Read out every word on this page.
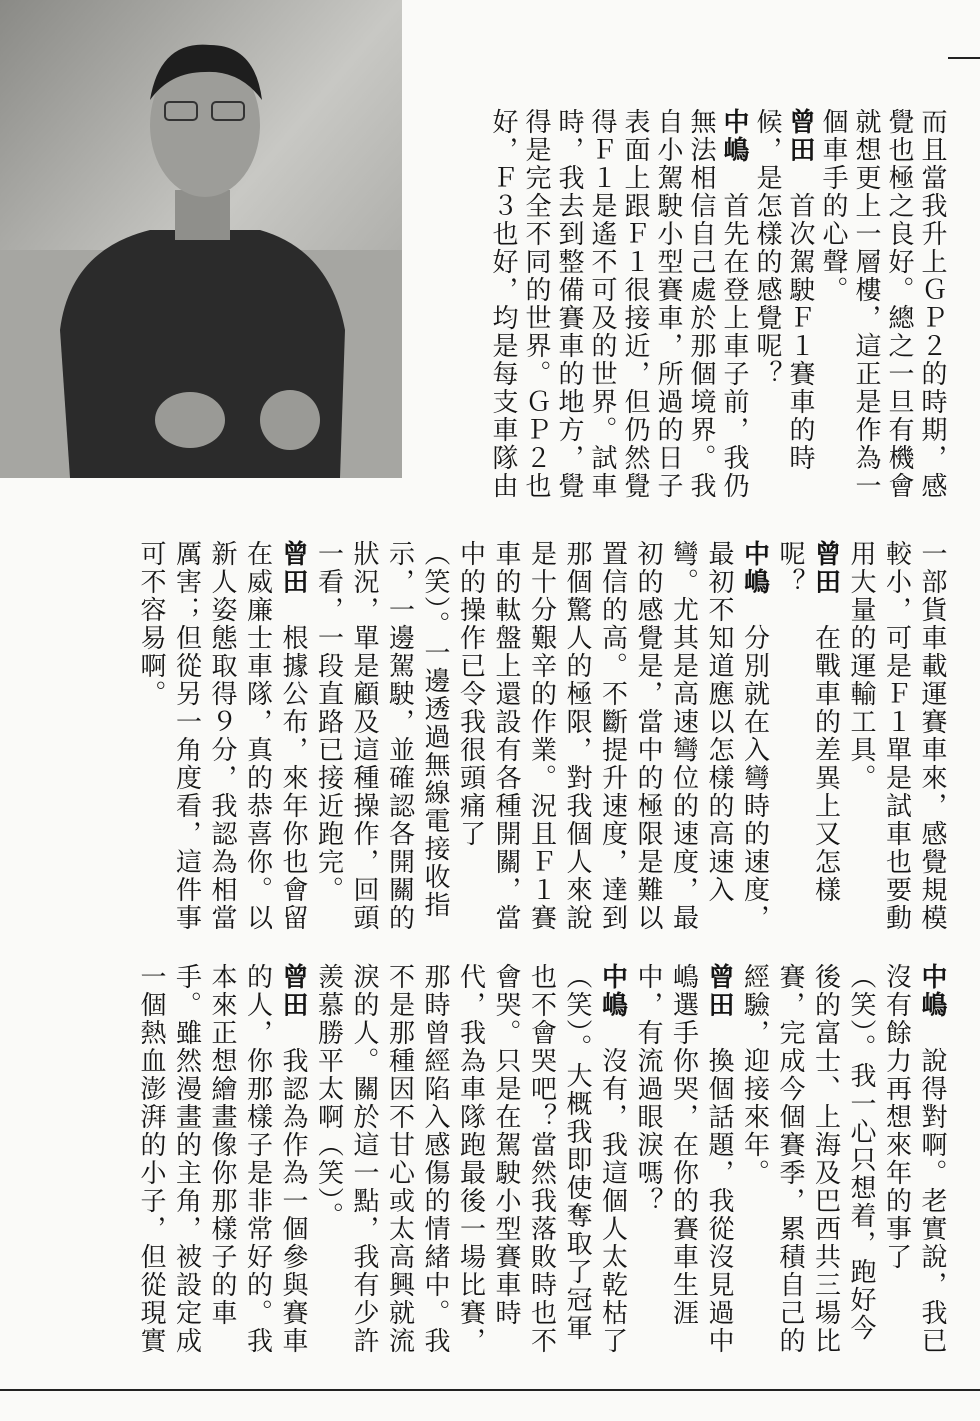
而且當我升上ＧＰ２的時期，感
覺也極之良好。總之一旦有機會
就想更上一層樓，這正是作為一
個車手的心聲。
曾田首次駕駛Ｆ１賽車的時
候，是怎樣的感覺呢？
中嶋首先在登上車子前，我仍
無法相信自己處於那個境界。我
自小駕駛小型賽車，所過的日子
表面上跟Ｆ１很接近，但仍然覺
得Ｆ１是遙不可及的世界。試車
時，我去到整備賽車的地方，覺
得是完全不同的世界。ＧＰ２也
好，Ｆ３也好，均是每支車隊由
一部貨車載運賽車來，感覺規模
較小，可是Ｆ１單是試車也要動
用大量的運輸工具。
曾田在戰車的差異上又怎樣
呢？
中嶋分別就在入彎時的速度，
最初不知道應以怎樣的高速入
彎。尤其是高速彎位的速度，最
初的感覺是，當中的極限是難以
置信的高。不斷提升速度，達到
那個驚人的極限，對我個人來說
是十分艱辛的作業。況且Ｆ１賽
車的軚盤上還設有各種開關，當
中的操作已令我很頭痛了
（笑）。一邊透過無線電接收指
示，一邊駕駛，並確認各開關的
狀況，單是顧及這種操作，回頭
一看，一段直路已接近跑完。
曾田根據公布，來年你也會留
在威廉士車隊，真的恭喜你。以
新人姿態取得９分，我認為相當
厲害；但從另一角度看，這件事
可不容易啊。
中嶋說得對啊。老實說，我已
沒有餘力再想來年的事了
（笑）。我一心只想着，跑好今
後的富士、上海及巴西共三場比
賽，完成今個賽季，累積自己的
經驗，迎接來年。
曾田換個話題，我從沒見過中
嶋選手你哭，在你的賽車生涯
中，有流過眼淚嗎？
中嶋沒有，我這個人太乾枯了
（笑）。大概我即使奪取了冠軍
也不會哭吧？當然我落敗時也不
會哭。只是在駕駛小型賽車時
代，我為車隊跑最後一場比賽，
那時曾經陷入感傷的情緒中。我
不是那種因不甘心或太高興就流
淚的人。關於這一點，我有少許
羨慕勝平太啊（笑）。
曾田我認為作為一個參與賽車
的人，你那樣子是非常好的。我
本來正想繪畫像你那樣子的車
手。雖然漫畫的主角，被設定成
一個熱血澎湃的小子，但從現實
